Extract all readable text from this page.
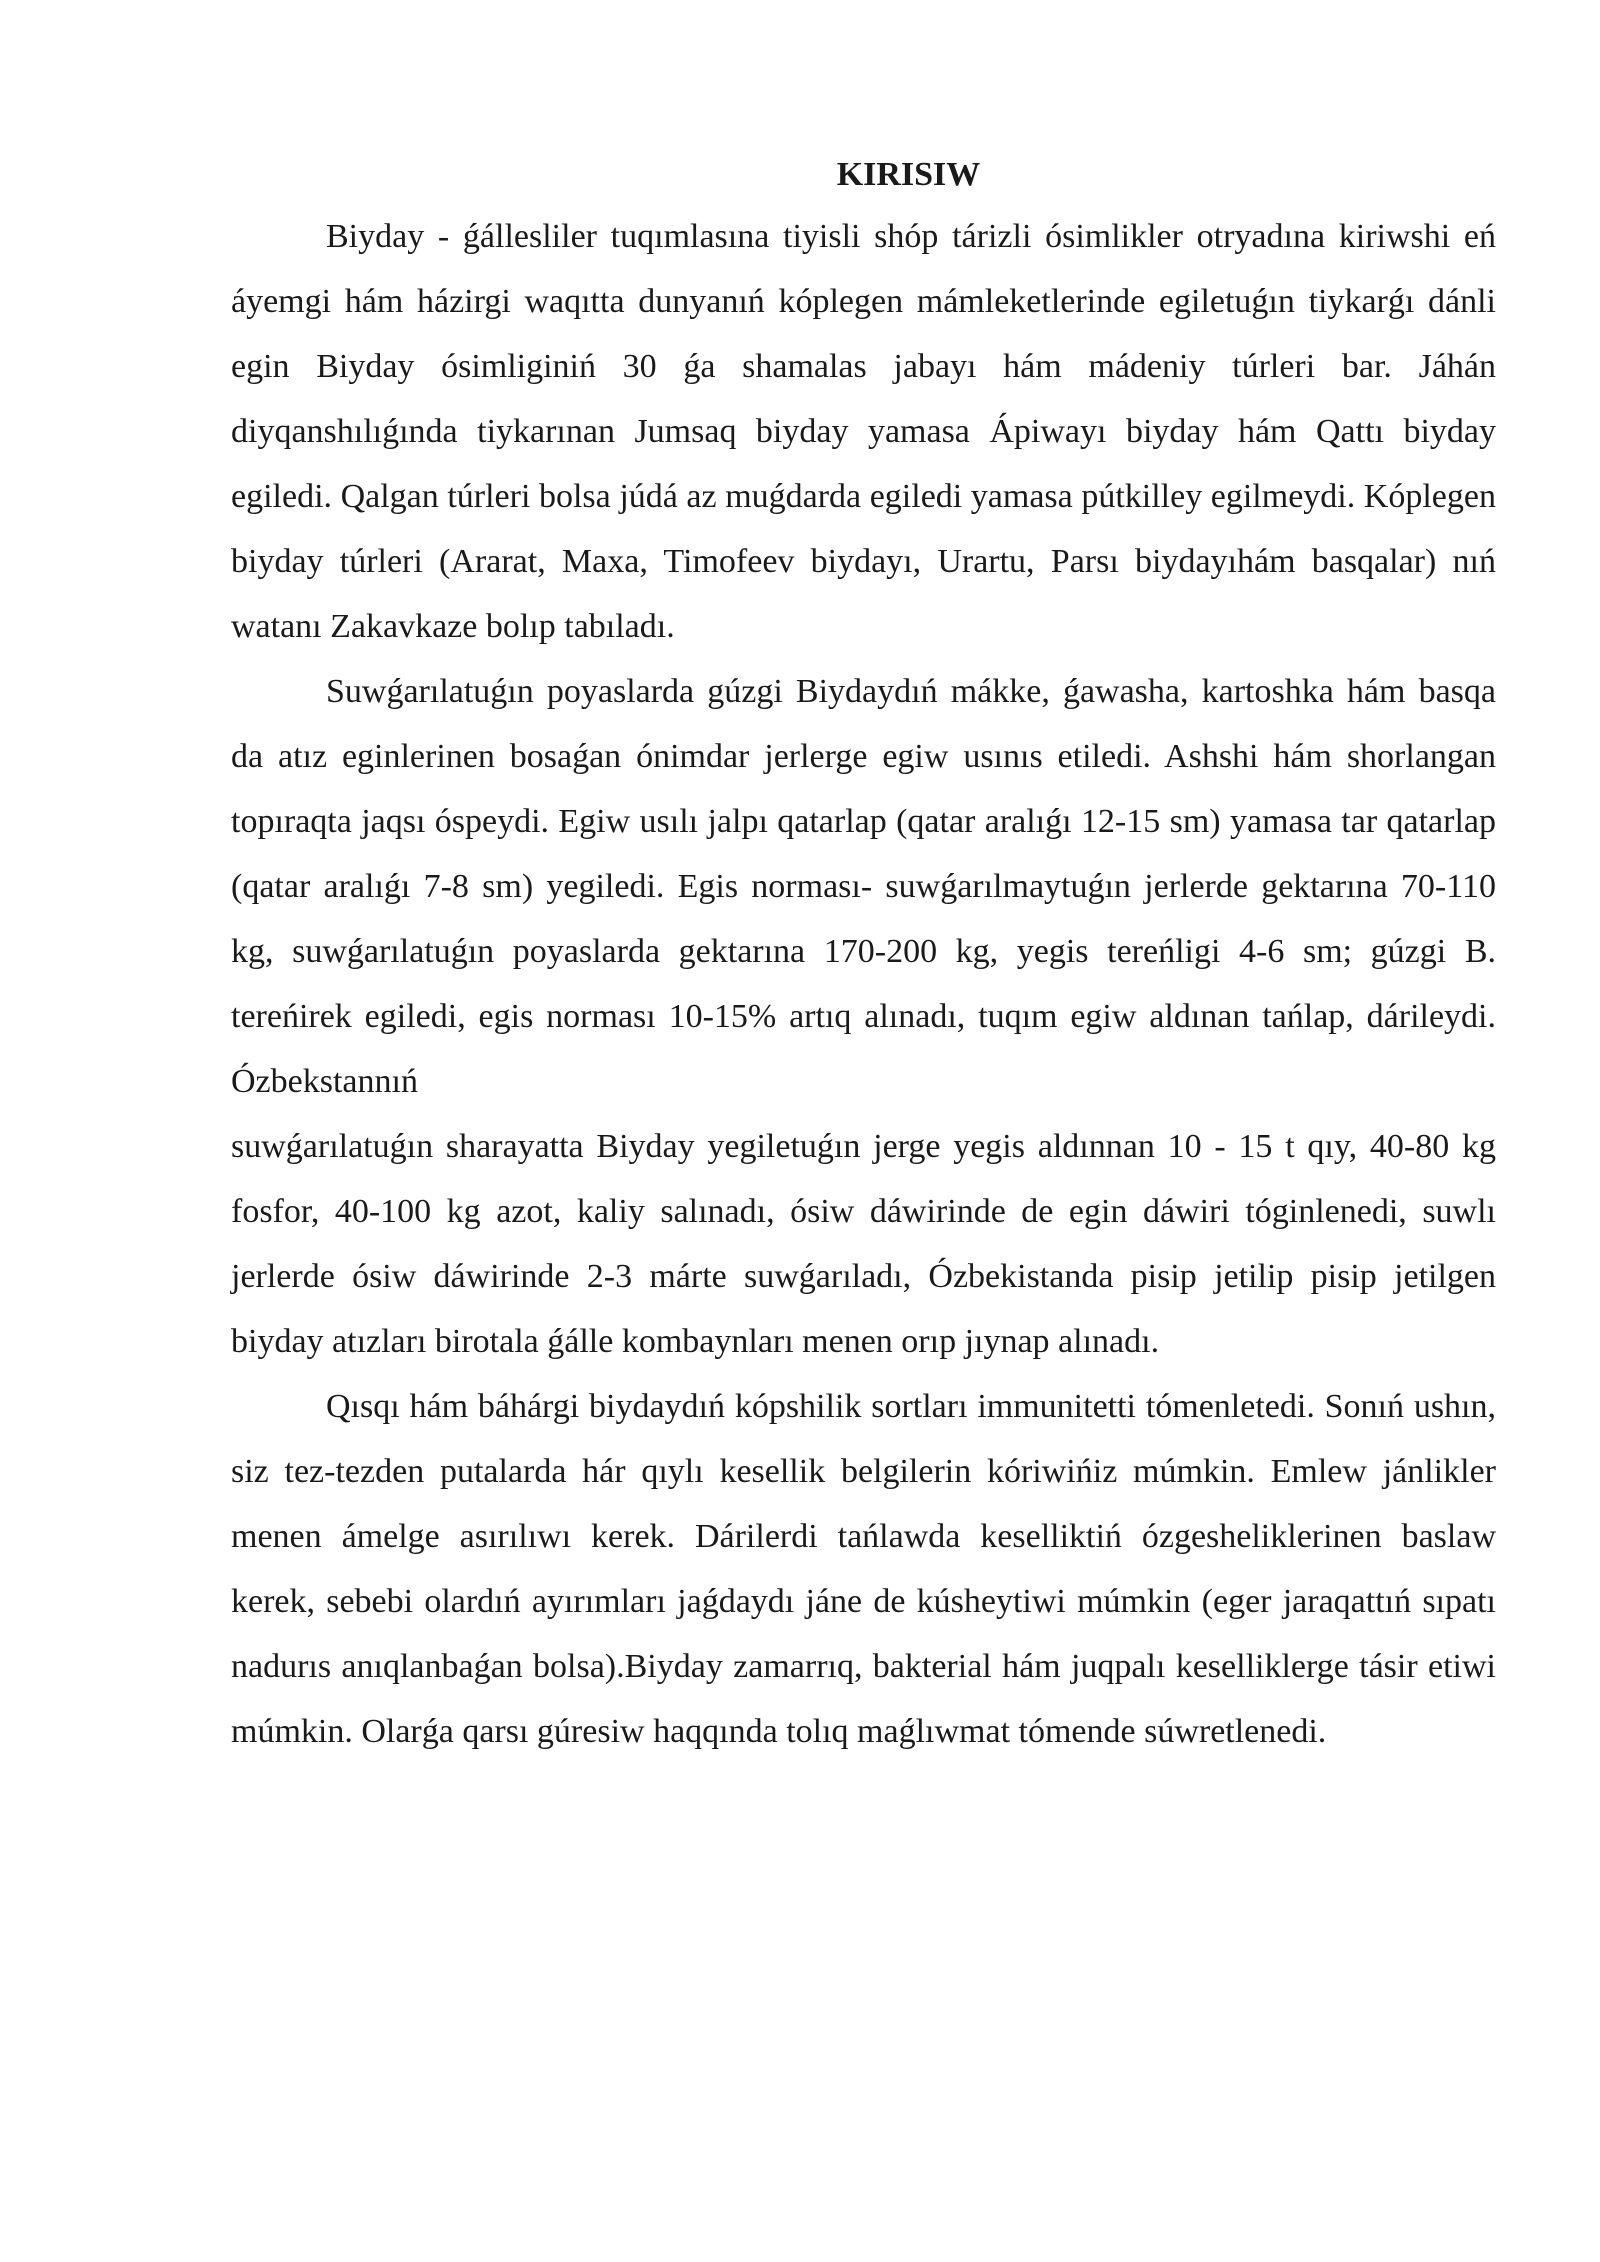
KIRISIW

Biyday - ǵállesliler tuqımlasına tiyisli shóp tárizli ósimlikler otryadına kiriwshi eń áyemgi hám házirgi waqıtta dunyanıń kóplegen mámleketlerinde egiletuǵın tiykarǵı dánli egin Biyday ósimliginiń 30 ǵa shamalas jabayı hám mádeniy túrleri bar. Jáhán diyqanshılıǵında tiykarınan Jumsaq biyday yamasa Ápiwayı biyday hám Qattı biyday egiledi. Qalgan túrleri bolsa júdá az muǵdarda egiledi yamasa pútkilley egilmeydi. Kóplegen biyday túrleri (Ararat, Maxa, Timofeev biydayı, Urartu, Parsı biydayıhám basqalar) nıń watanı Zakavkaze bolıp tabıladı.

Suwǵarılatuǵın poyaslarda gúzgi Biydaydıń mákke, ǵawasha, kartoshka hám basqa da atız eginlerinen bosaǵan ónimdar jerlerge egiw usınıs etiledi. Ashshi hám shorlangan topıraqta jaqsı óspeydi. Egiw usılı jalpı qatarlap (qatar aralıǵı 12-15 sm) yamasa tar qatarlap (qatar aralıǵı 7-8 sm) yegiledi. Egis norması- suwǵarılmaytuǵın jerlerde gektarına 70-110 kg, suwǵarılatuǵın poyaslarda gektarına 170-200 kg, yegis tereńligi 4-6 sm; gúzgi B. tereńirek egiledi, egis norması 10-15% artıq alınadı, tuqım egiw aldınan tańlap, dárileydi. Ózbekstannıń

suwǵarılatuǵın sharayatta Biyday yegiletuǵın jerge yegis aldınnan 10 - 15 t qıy, 40-80 kg fosfor, 40-100 kg azot, kaliy salınadı, ósiw dáwirinde de egin dáwiri tóginlenedi, suwlı jerlerde ósiw dáwirinde 2-3 márte suwǵarıladı, Ózbekistanda pisip jetilip pisip jetilgen biyday atızları birotala ǵálle kombaynları menen orıp jıynap alınadı.

Qısqı hám báhárgi biydaydıń kópshilik sortları immunitetti tómenletedi. Sonıń ushın, siz tez-tezden putalarda hár qıylı kesellik belgilerin kóriwińiz múmkin. Emlew jánlikler menen ámelge asırılıwı kerek. Dárilerdi tańlawda keselliktiń ózgesheliklerinen baslaw kerek, sebebi olardıń ayırımları jaǵdaydı jáne de kúsheytiwi múmkin (eger jaraqattıń sıpatı nadurıs anıqlanbaǵan bolsa).Biyday zamarrıq, bakterial hám juqpalı keselliklerge tásir etiwi múmkin. Olarǵa qarsı gúresiw haqqında tolıq maǵlıwmat tómende súwretlenedi.
